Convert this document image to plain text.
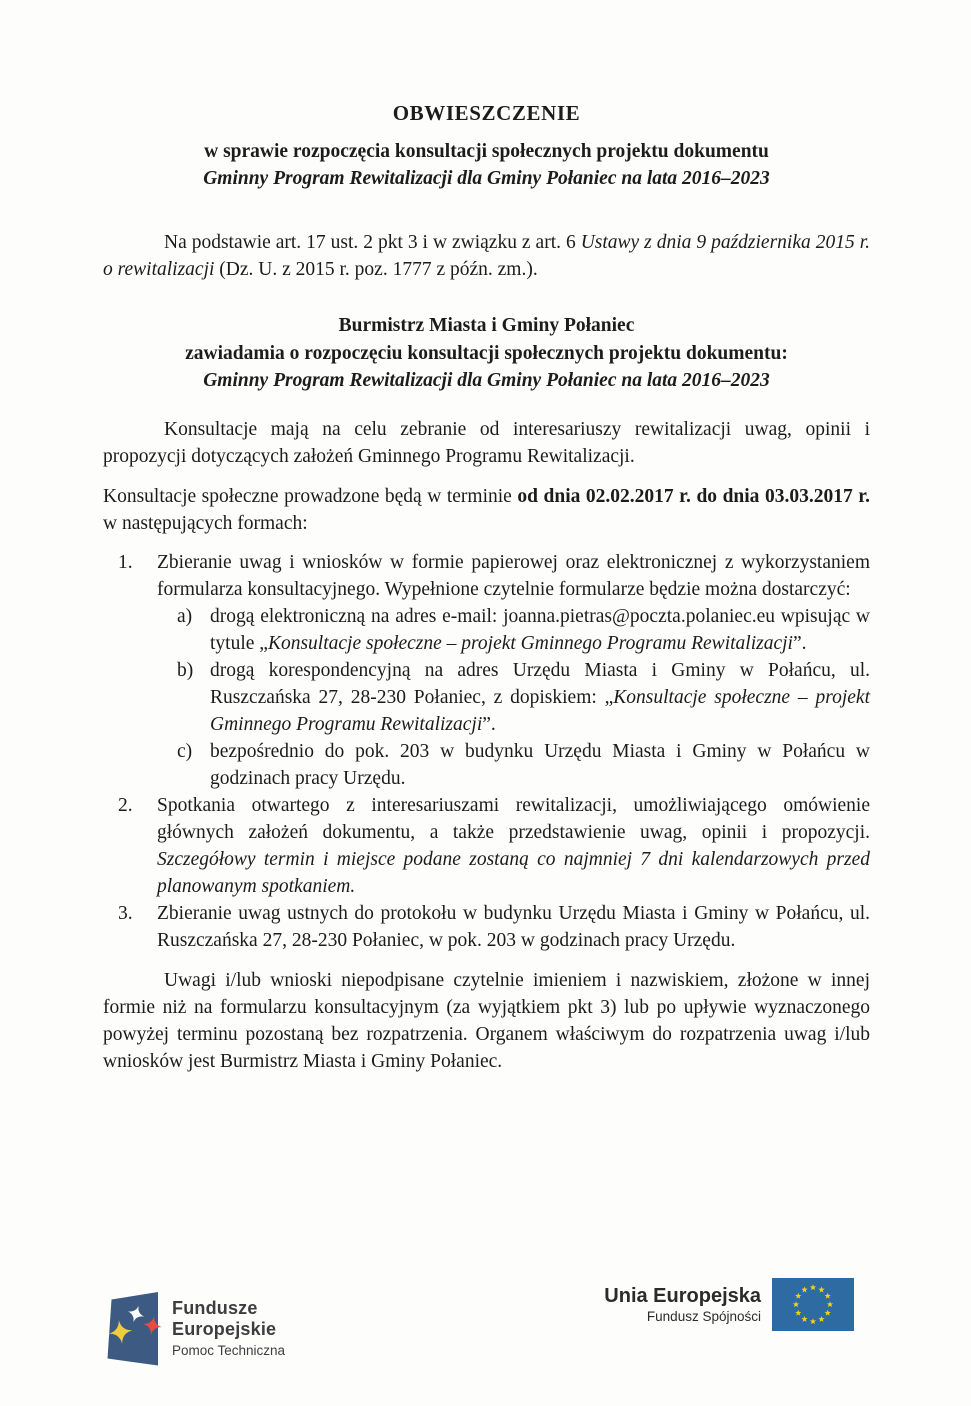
OBWIESZCZENIE
w sprawie rozpoczęcia konsultacji społecznych projektu dokumentu
Gminny Program Rewitalizacji dla Gminy Połaniec na lata 2016–2023
Na podstawie art. 17 ust. 2 pkt 3 i w związku z art. 6 Ustawy z dnia 9 października 2015 r. o rewitalizacji (Dz. U. z 2015 r. poz. 1777 z późn. zm.).
Burmistrz Miasta i Gminy Połaniec
zawiadamia o rozpoczęciu konsultacji społecznych projektu dokumentu:
Gminny Program Rewitalizacji dla Gminy Połaniec na lata 2016–2023
Konsultacje mają na celu zebranie od interesariuszy rewitalizacji uwag, opinii i propozycji dotyczących założeń Gminnego Programu Rewitalizacji.
Konsultacje społeczne prowadzone będą w terminie od dnia 02.02.2017 r. do dnia 03.03.2017 r. w następujących formach:
1. Zbieranie uwag i wniosków w formie papierowej oraz elektronicznej z wykorzystaniem formularza konsultacyjnego. Wypełnione czytelnie formularze będzie można dostarczyć:
a) drogą elektroniczną na adres e-mail: joanna.pietras@poczta.polaniec.eu wpisując w tytule „Konsultacje społeczne – projekt Gminnego Programu Rewitalizacji”.
b) drogą korespondencyjną na adres Urzędu Miasta i Gminy w Połańcu, ul. Ruszczańska 27, 28-230 Połaniec, z dopiskiem: „Konsultacje społeczne – projekt Gminnego Programu Rewitalizacji”.
c) bezpośrednio do pok. 203 w budynku Urzędu Miasta i Gminy w Połańcu w godzinach pracy Urzędu.
2. Spotkania otwartego z interesariuszami rewitalizacji, umożliwiającego omówienie głównych założeń dokumentu, a także przedstawienie uwag, opinii i propozycji. Szczegółowy termin i miejsce podane zostaną co najmniej 7 dni kalendarzowych przed planowanym spotkaniem.
3. Zbieranie uwag ustnych do protokołu w budynku Urzędu Miasta i Gminy w Połańcu, ul. Ruszczańska 27, 28-230 Połaniec, w pok. 203 w godzinach pracy Urzędu.
Uwagi i/lub wnioski niepodpisane czytelnie imieniem i nazwiskiem, złożone w innej formie niż na formularzu konsultacyjnym (za wyjątkiem pkt 3) lub po upływie wyznaczonego powyżej terminu pozostaną bez rozpatrzenia. Organem właściwym do rozpatrzenia uwag i/lub wniosków jest Burmistrz Miasta i Gminy Połaniec.
Fundusze
Europejskie
Pomoc Techniczna
Unia Europejska
Fundusz Spójności
